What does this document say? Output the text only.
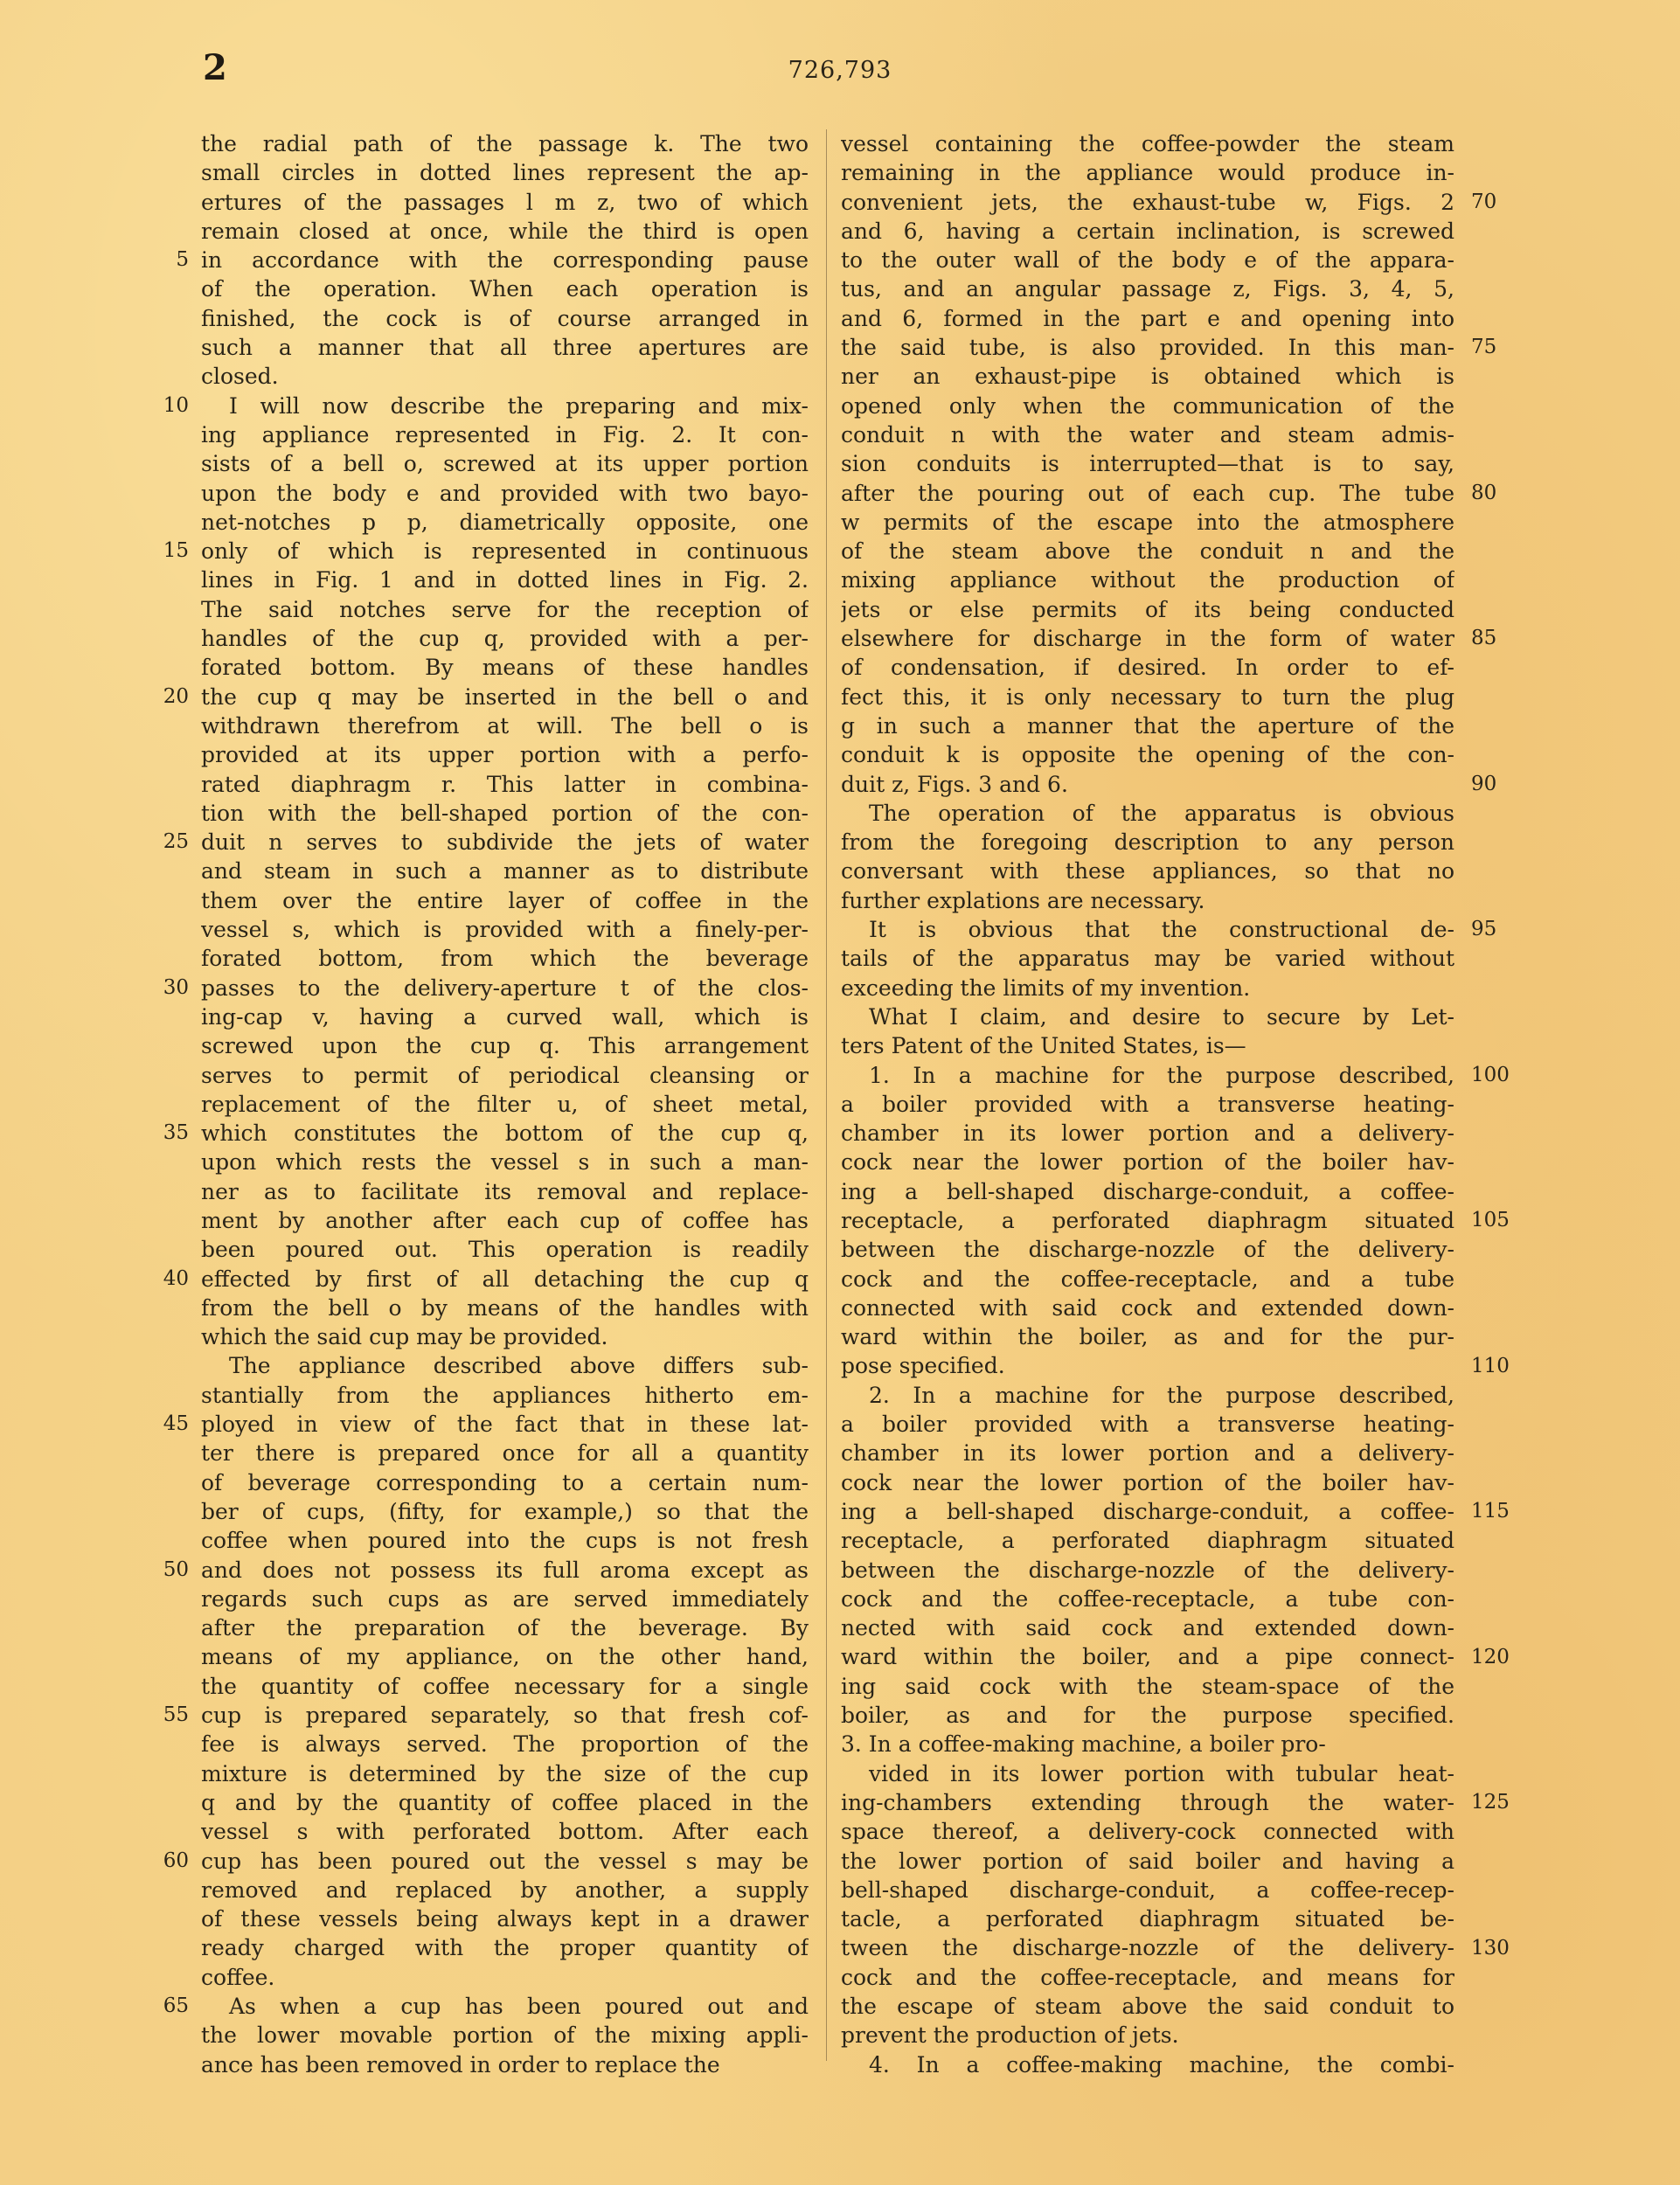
2	726,793
the radial path of the passage k. The two
small circles in dotted lines represent the ap-
ertures of the passages l m z, two of which
remain closed at once, while the third is open
in accordance with the corresponding pause
of the operation. When each operation is
finished, the cock is of course arranged in
such a manner that all three apertures are
closed.
I will now describe the preparing and mix-
ing appliance represented in Fig. 2. It con-
sists of a bell o, screwed at its upper portion
upon the body e and provided with two bayo-
net-notches p p, diametrically opposite, one
only of which is represented in continuous
lines in Fig. 1 and in dotted lines in Fig. 2.
The said notches serve for the reception of
handles of the cup q, provided with a per-
forated bottom. By means of these handles
the cup q may be inserted in the bell o and
withdrawn therefrom at will. The bell o is
provided at its upper portion with a perfo-
rated diaphragm r. This latter in combina-
tion with the bell-shaped portion of the con-
duit n serves to subdivide the jets of water
and steam in such a manner as to distribute
them over the entire layer of coffee in the
vessel s, which is provided with a finely-per-
forated bottom, from which the beverage
passes to the delivery-aperture t of the clos-
ing-cap v, having a curved wall, which is
screwed upon the cup q. This arrangement
serves to permit of periodical cleansing or
replacement of the filter u, of sheet metal,
which constitutes the bottom of the cup q,
upon which rests the vessel s in such a man-
ner as to facilitate its removal and replace-
ment by another after each cup of coffee has
been poured out. This operation is readily
effected by first of all detaching the cup q
from the bell o by means of the handles with
which the said cup may be provided.
The appliance described above differs sub-
stantially from the appliances hitherto em-
ployed in view of the fact that in these lat-
ter there is prepared once for all a quantity
of beverage corresponding to a certain num-
ber of cups, (fifty, for example,) so that the
coffee when poured into the cups is not fresh
and does not possess its full aroma except as
regards such cups as are served immediately
after the preparation of the beverage. By
means of my appliance, on the other hand,
the quantity of coffee necessary for a single
cup is prepared separately, so that fresh cof-
fee is always served. The proportion of the
mixture is determined by the size of the cup
q and by the quantity of coffee placed in the
vessel s with perforated bottom. After each
cup has been poured out the vessel s may be
removed and replaced by another, a supply
of these vessels being always kept in a drawer
ready charged with the proper quantity of
coffee.
As when a cup has been poured out and
the lower movable portion of the mixing appli-
ance has been removed in order to replace the
vessel containing the coffee-powder the steam
remaining in the appliance would produce in-
convenient jets, the exhaust-tube w, Figs. 2
and 6, having a certain inclination, is screwed
to the outer wall of the body e of the appara-
tus, and an angular passage z, Figs. 3, 4, 5,
and 6, formed in the part e and opening into
the said tube, is also provided. In this man-
ner an exhaust-pipe is obtained which is
opened only when the communication of the
conduit n with the water and steam admis-
sion conduits is interrupted—that is to say,
after the pouring out of each cup. The tube
w permits of the escape into the atmosphere
of the steam above the conduit n and the
mixing appliance without the production of
jets or else permits of its being conducted
elsewhere for discharge in the form of water
of condensation, if desired. In order to ef-
fect this, it is only necessary to turn the plug
g in such a manner that the aperture of the
conduit k is opposite the opening of the con-
duit z, Figs. 3 and 6.
The operation of the apparatus is obvious
from the foregoing description to any person
conversant with these appliances, so that no
further explations are necessary.
It is obvious that the constructional de-
tails of the apparatus may be varied without
exceeding the limits of my invention.
What I claim, and desire to secure by Let-
ters Patent of the United States, is—
1. In a machine for the purpose described,
a boiler provided with a transverse heating-
chamber in its lower portion and a delivery-
cock near the lower portion of the boiler hav-
ing a bell-shaped discharge-conduit, a coffee-
receptacle, a perforated diaphragm situated
between the discharge-nozzle of the delivery-
cock and the coffee-receptacle, and a tube
connected with said cock and extended down-
ward within the boiler, as and for the pur-
pose specified.
2. In a machine for the purpose described,
a boiler provided with a transverse heating-
chamber in its lower portion and a delivery-
cock near the lower portion of the boiler hav-
ing a bell-shaped discharge-conduit, a coffee-
receptacle, a perforated diaphragm situated
between the discharge-nozzle of the delivery-
cock and the coffee-receptacle, a tube con-
nected with said cock and extended down-
ward within the boiler, and a pipe connect-
ing said cock with the steam-space of the
boiler, as and for the purpose specified.
3. In a coffee-making machine, a boiler pro-
vided in its lower portion with tubular heat-
ing-chambers extending through the water-
space thereof, a delivery-cock connected with
the lower portion of said boiler and having a
bell-shaped discharge-conduit, a coffee-recep-
tacle, a perforated diaphragm situated be-
tween the discharge-nozzle of the delivery-
cock and the coffee-receptacle, and means for
the escape of steam above the said conduit to
prevent the production of jets.
4. In a coffee-making machine, the combi-
5
10
15
20
25
30
35
40
45
50
55
60
65
70
75
80
85
90
95
100
105
110
115
120
125
130
